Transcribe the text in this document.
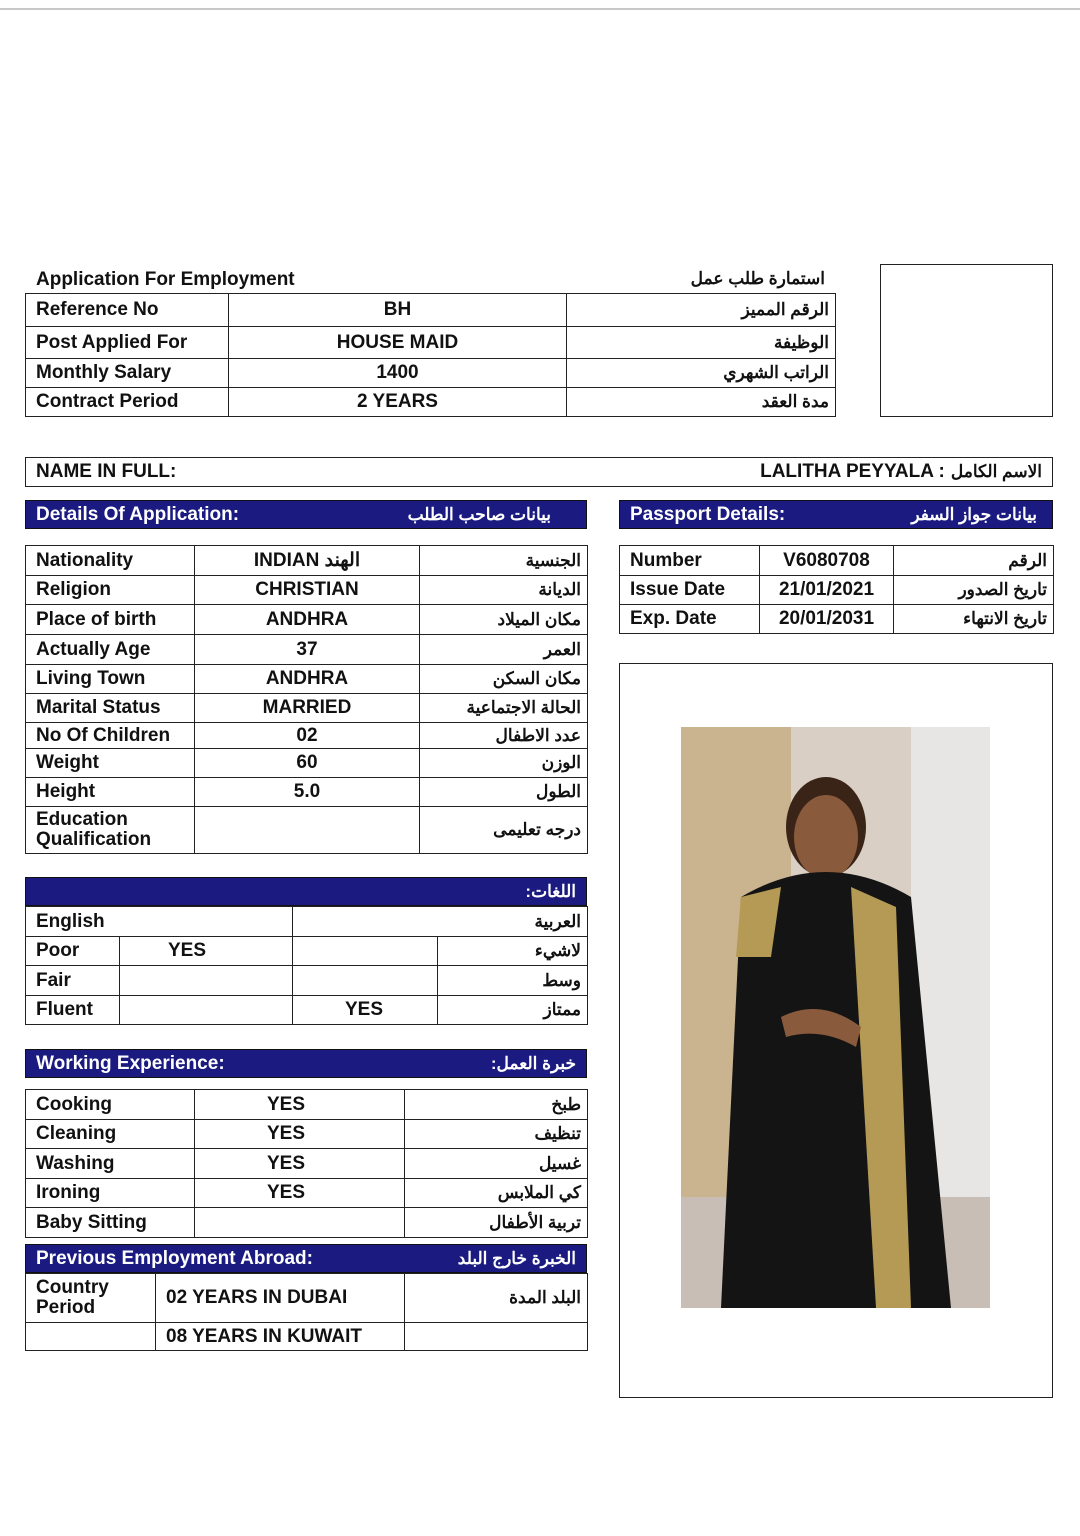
Application For Employment	استمارة طلب عمل
Reference No	BH	الرقم المميز
Post Applied For	HOUSE MAID	الوظيفة
Monthly Salary	1400	الراتب الشهري
Contract Period	2 YEARS	مدة العقد
NAME IN FULL:	LALITHA PEYYALA : الاسم الكامل
Details Of Application:	بيانات صاحب الطلب
Nationality	INDIAN الهند	الجنسية
Religion	CHRISTIAN	الديانة
Place of birth	ANDHRA	مكان الميلاد
Actually Age	37	العمر
Living Town	ANDHRA	مكان السكن
Marital Status	MARRIED	الحالة الاجتماعية
No Of Children	02	عدد الاطفال
Weight	60	الوزن
Height	5.0	الطول
Education Qualification		درجه تعليمى
Passport Details:	بيانات جواز السفر
Number	V6080708	الرقم
Issue Date	21/01/2021	تاريخ الصدور
Exp. Date	20/01/2031	تاريخ الانتهاء
اللغات:
English		العربية	
Poor	YES		لاشيء
Fair			وسط
Fluent		YES	ممتاز
Working Experience:	خبرة العمل:
Cooking	YES	طبخ
Cleaning	YES	تنظيف
Washing	YES	غسيل
Ironing	YES	كي الملابس
Baby Sitting		تربية الأطفال
Previous Employment Abroad:	الخبرة خارج البلد
Country Period	02 YEARS IN DUBAI	البلد المدة
	08 YEARS IN KUWAIT	
